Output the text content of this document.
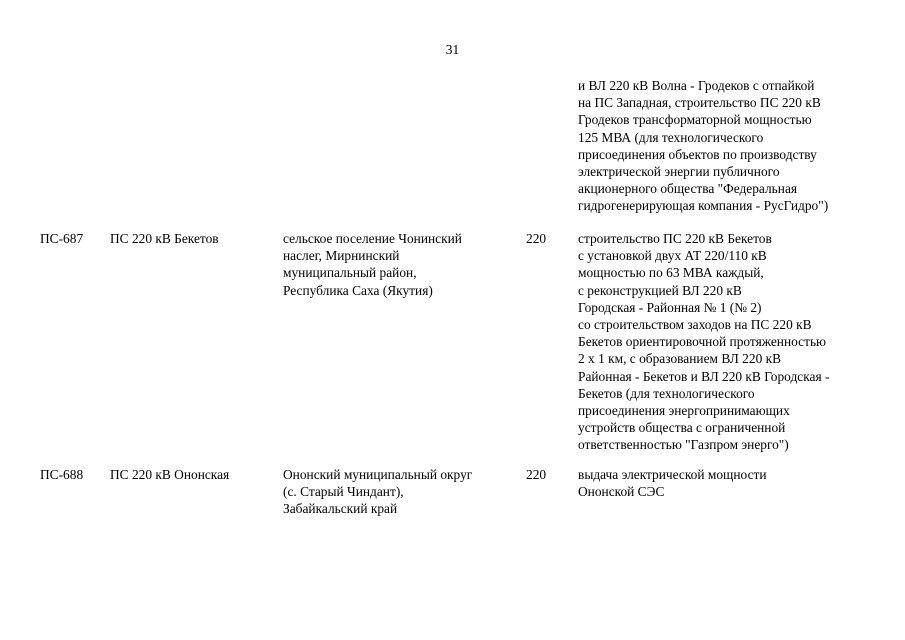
31
и ВЛ 220 кВ Волна - Гродеков с отпайкой
на ПС Западная, строительство ПС 220 кВ
Гродеков трансформаторной мощностью
125 МВА (для технологического
присоединения объектов по производству
электрической энергии публичного
акционерного общества "Федеральная
гидрогенерирующая компания - РусГидро")
ПС-687 ПС 220 кВ Бекетов	сельское поселение Чонинский
наслег, Мирнинский
муниципальный район,
Республика Саха (Якутия)
220 строительство ПС 220 кВ Бекетов
с установкой двух АТ 220/110 кВ
мощностью по 63 МВА каждый,
с реконструкцией ВЛ 220 кВ
Городская - Районная № 1 (№ 2)
со строительством заходов на ПС 220 кВ
Бекетов ориентировочной протяженностью
2 х 1 км, с образованием ВЛ 220 кВ
Районная - Бекетов и ВЛ 220 кВ Городская -
Бекетов (для технологического
присоединения энергопринимающих
устройств общества с ограниченной
ответственностью "Газпром энерго")
ПС-688 ПС 220 кВ Ононская	Ононский муниципальный округ
(с. Старый Чиндант),
Забайкальский край
220 выдача электрической мощности
Ононской СЭС
